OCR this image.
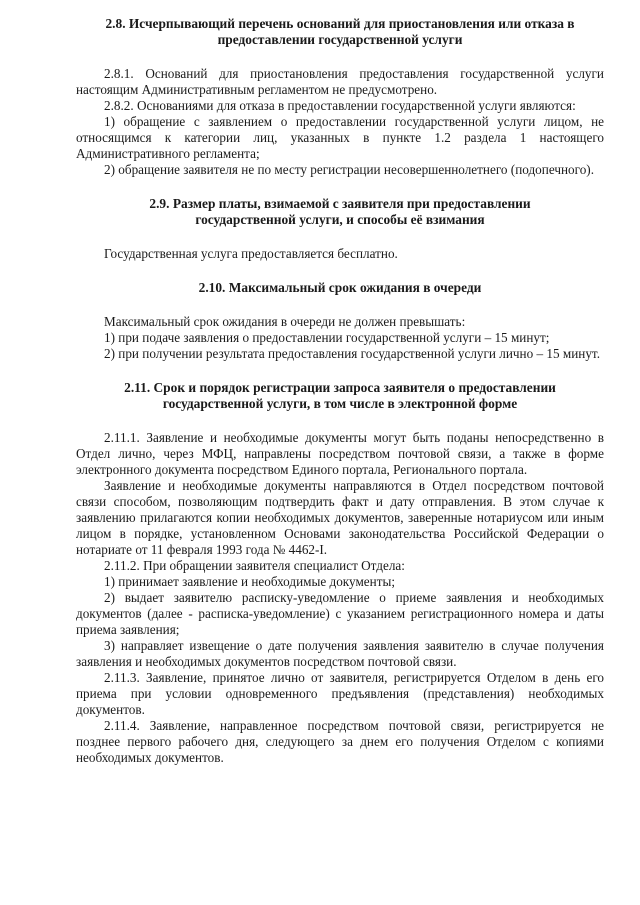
2.8. Исчерпывающий перечень оснований для приостановления или отказа в предоставлении государственной услуги

2.8.1. Оснований для приостановления предоставления государственной услуги настоящим Административным регламентом не предусмотрено.

2.8.2. Основаниями для отказа в предоставлении государственной услуги являются:

1) обращение с заявлением о предоставлении государственной услуги лицом, не относящимся к категории лиц, указанных в пункте 1.2 раздела 1 настоящего Административного регламента;

2) обращение заявителя не по месту регистрации несовершеннолетнего (подопечного).

2.9. Размер платы, взимаемой с заявителя при предоставлении государственной услуги, и способы её взимания

Государственная услуга предоставляется бесплатно.

2.10. Максимальный срок ожидания в очереди

Максимальный срок ожидания в очереди не должен превышать:

1) при подаче заявления о предоставлении государственной услуги – 15 минут;

2) при получении результата предоставления государственной услуги лично – 15 минут.

2.11. Срок и порядок регистрации запроса заявителя о предоставлении государственной услуги, в том числе в электронной форме

2.11.1. Заявление и необходимые документы могут быть поданы непосредственно в Отдел лично, через МФЦ, направлены посредством почтовой связи, а также в форме электронного документа посредством Единого портала, Регионального портала.

Заявление и необходимые документы направляются в Отдел посредством почтовой связи способом, позволяющим подтвердить факт и дату отправления. В этом случае к заявлению прилагаются копии необходимых документов, заверенные нотариусом или иным лицом в порядке, установленном Основами законодательства Российской Федерации о нотариате от 11 февраля 1993 года № 4462-I.

2.11.2. При обращении заявителя специалист Отдела:

1) принимает заявление и необходимые документы;

2) выдает заявителю расписку-уведомление о приеме заявления и необходимых документов (далее - расписка-уведомление) с указанием регистрационного номера и даты приема заявления;

3) направляет извещение о дате получения заявления заявителю в случае получения заявления и необходимых документов посредством почтовой связи.

2.11.3. Заявление, принятое лично от заявителя, регистрируется Отделом в день его приема при условии одновременного предъявления (представления) необходимых документов.

2.11.4. Заявление, направленное посредством почтовой связи, регистрируется не позднее первого рабочего дня, следующего за днем его получения Отделом с копиями необходимых документов.
